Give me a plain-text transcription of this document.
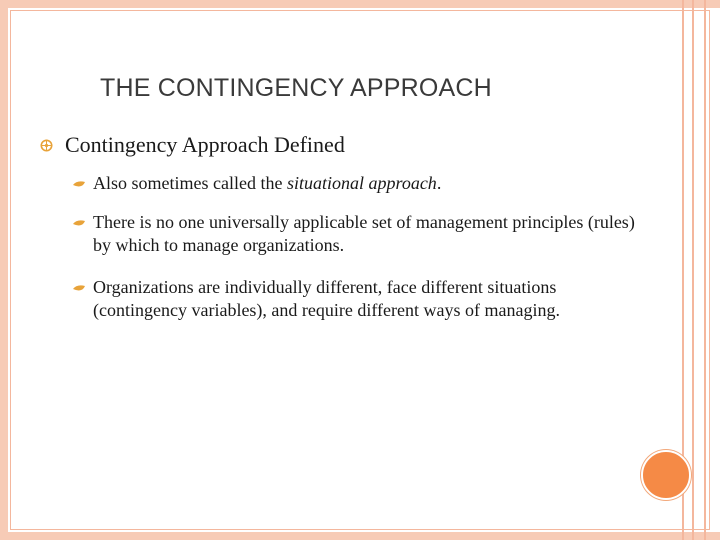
THE CONTINGENCY APPROACH
Contingency Approach Defined
Also sometimes called the situational approach.
There is no one universally applicable set of management principles (rules) by which to manage organizations.
Organizations are individually different, face different situations (contingency variables), and require different ways of managing.
